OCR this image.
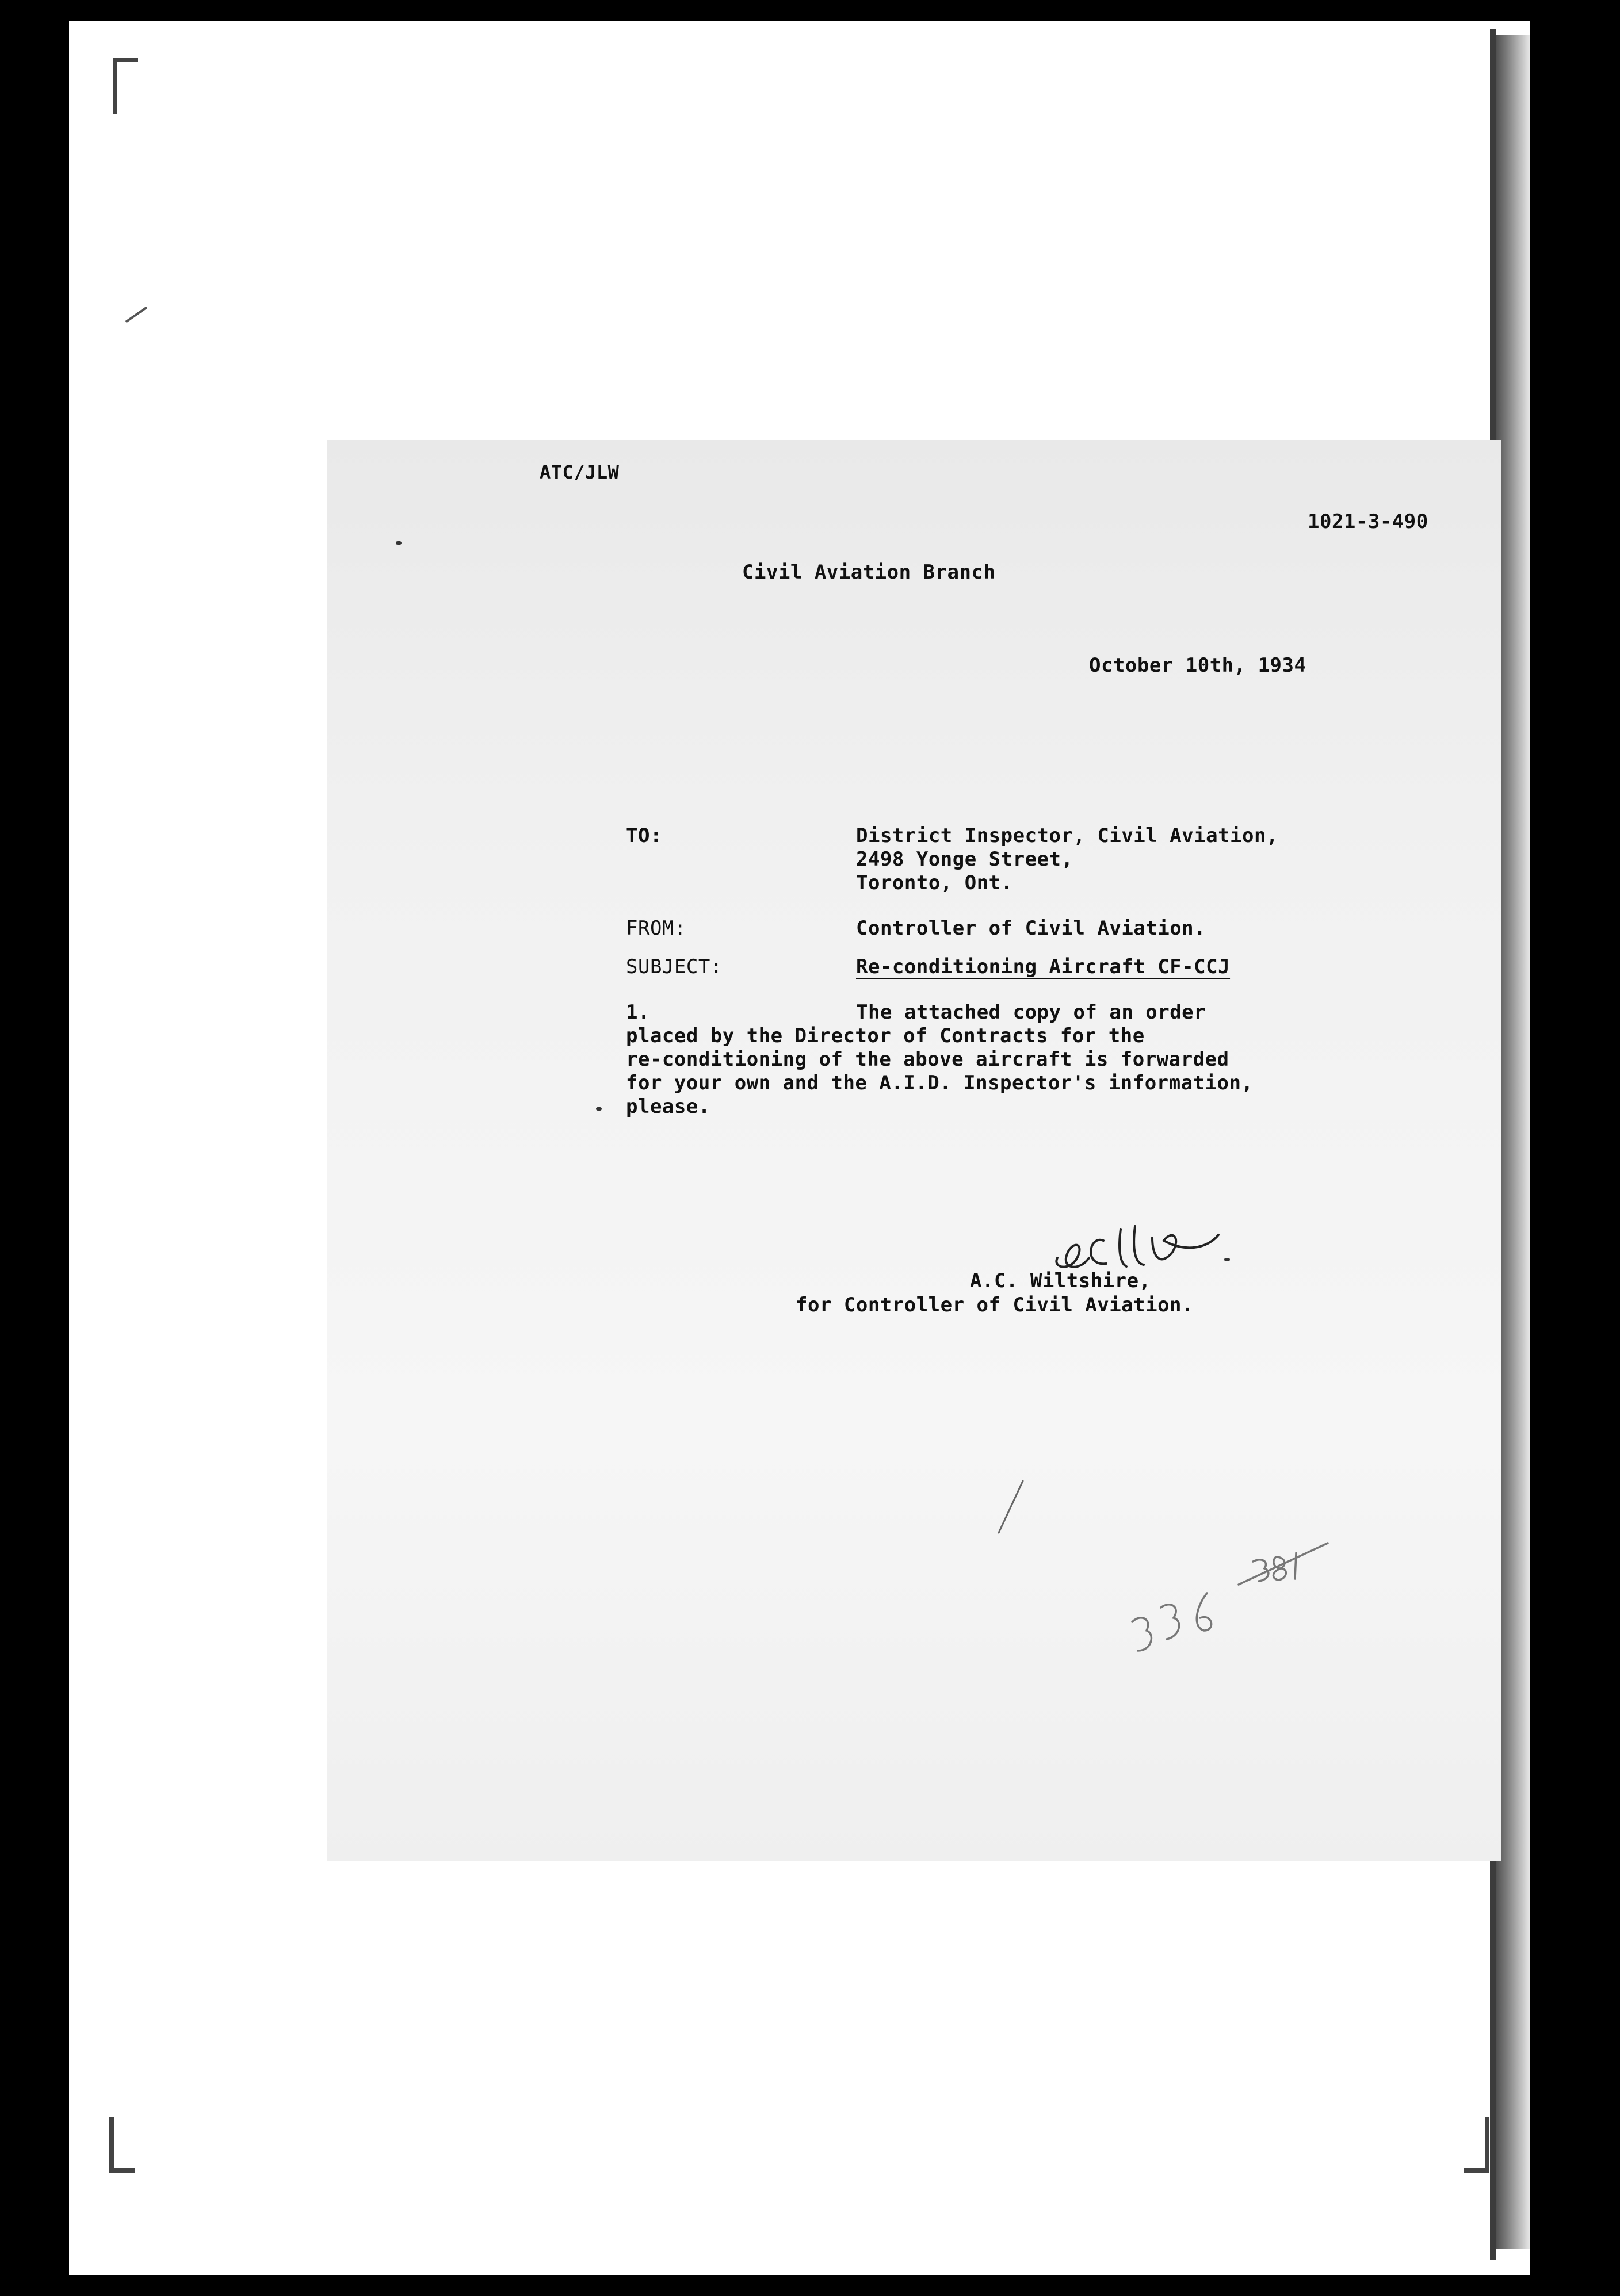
ATC/JLW
1021-3-490
Civil Aviation Branch
October 10th, 1934
TO:	District Inspector, Civil Aviation,
2498 Yonge Street,
Toronto, Ont.
FROM:	Controller of Civil Aviation.
SUBJECT:	Re-conditioning Aircraft CF-CCJ
1.	The attached copy of an order
placed by the Director of Contracts for the
re-conditioning of the above aircraft is forwarded
for your own and the A.I.D. Inspector's information,
please.
A.C. Wiltshire,
for Controller of Civil Aviation.
